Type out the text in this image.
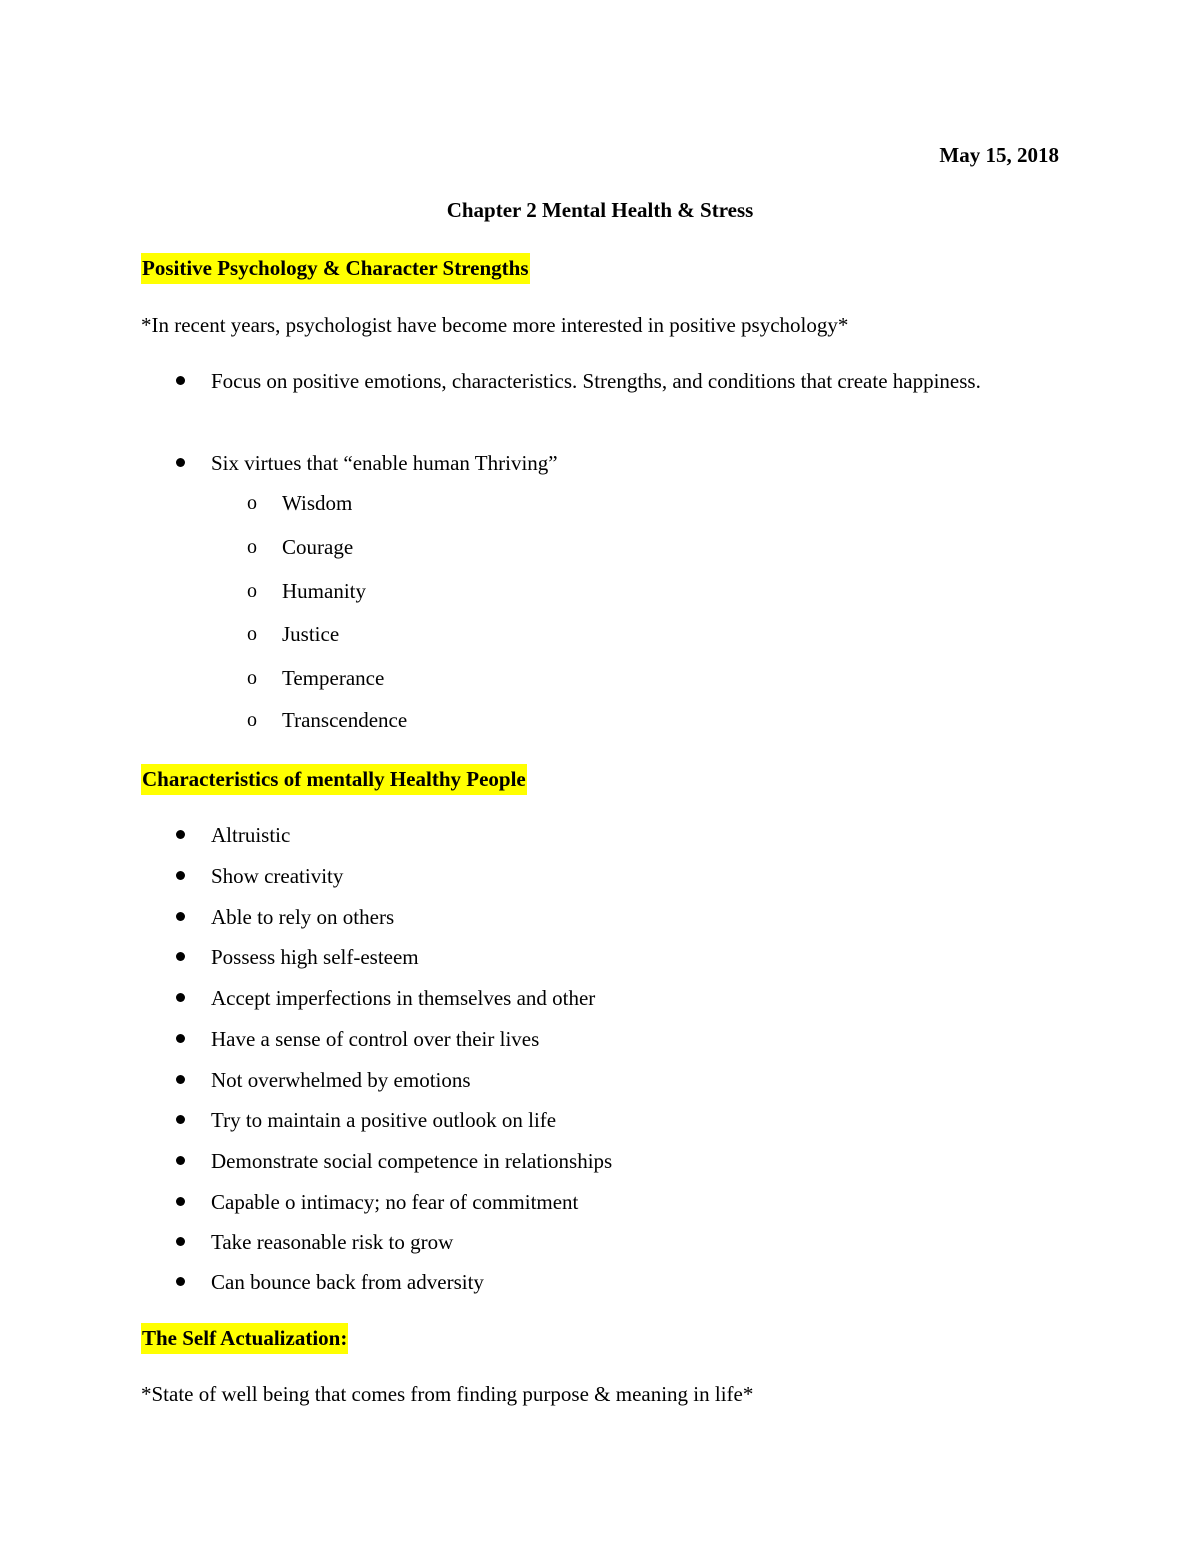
May 15, 2018
Chapter 2 Mental Health & Stress
Positive Psychology & Character Strengths
*In recent years, psychologist have become more interested in positive psychology*
Focus on positive emotions, characteristics. Strengths, and conditions that create happiness.
Six virtues that “enable human Thriving”
o Wisdom
o Courage
o Humanity
o Justice
o Temperance
o Transcendence
Characteristics of mentally Healthy People
Altruistic
Show creativity
Able to rely on others
Possess high self-esteem
Accept imperfections in themselves and other
Have a sense of control over their lives
Not overwhelmed by emotions
Try to maintain a positive outlook on life
Demonstrate social competence in relationships
Capable o intimacy; no fear of commitment
Take reasonable risk to grow
Can bounce back from adversity
The Self Actualization:
*State of well being that comes from finding purpose & meaning in life*
